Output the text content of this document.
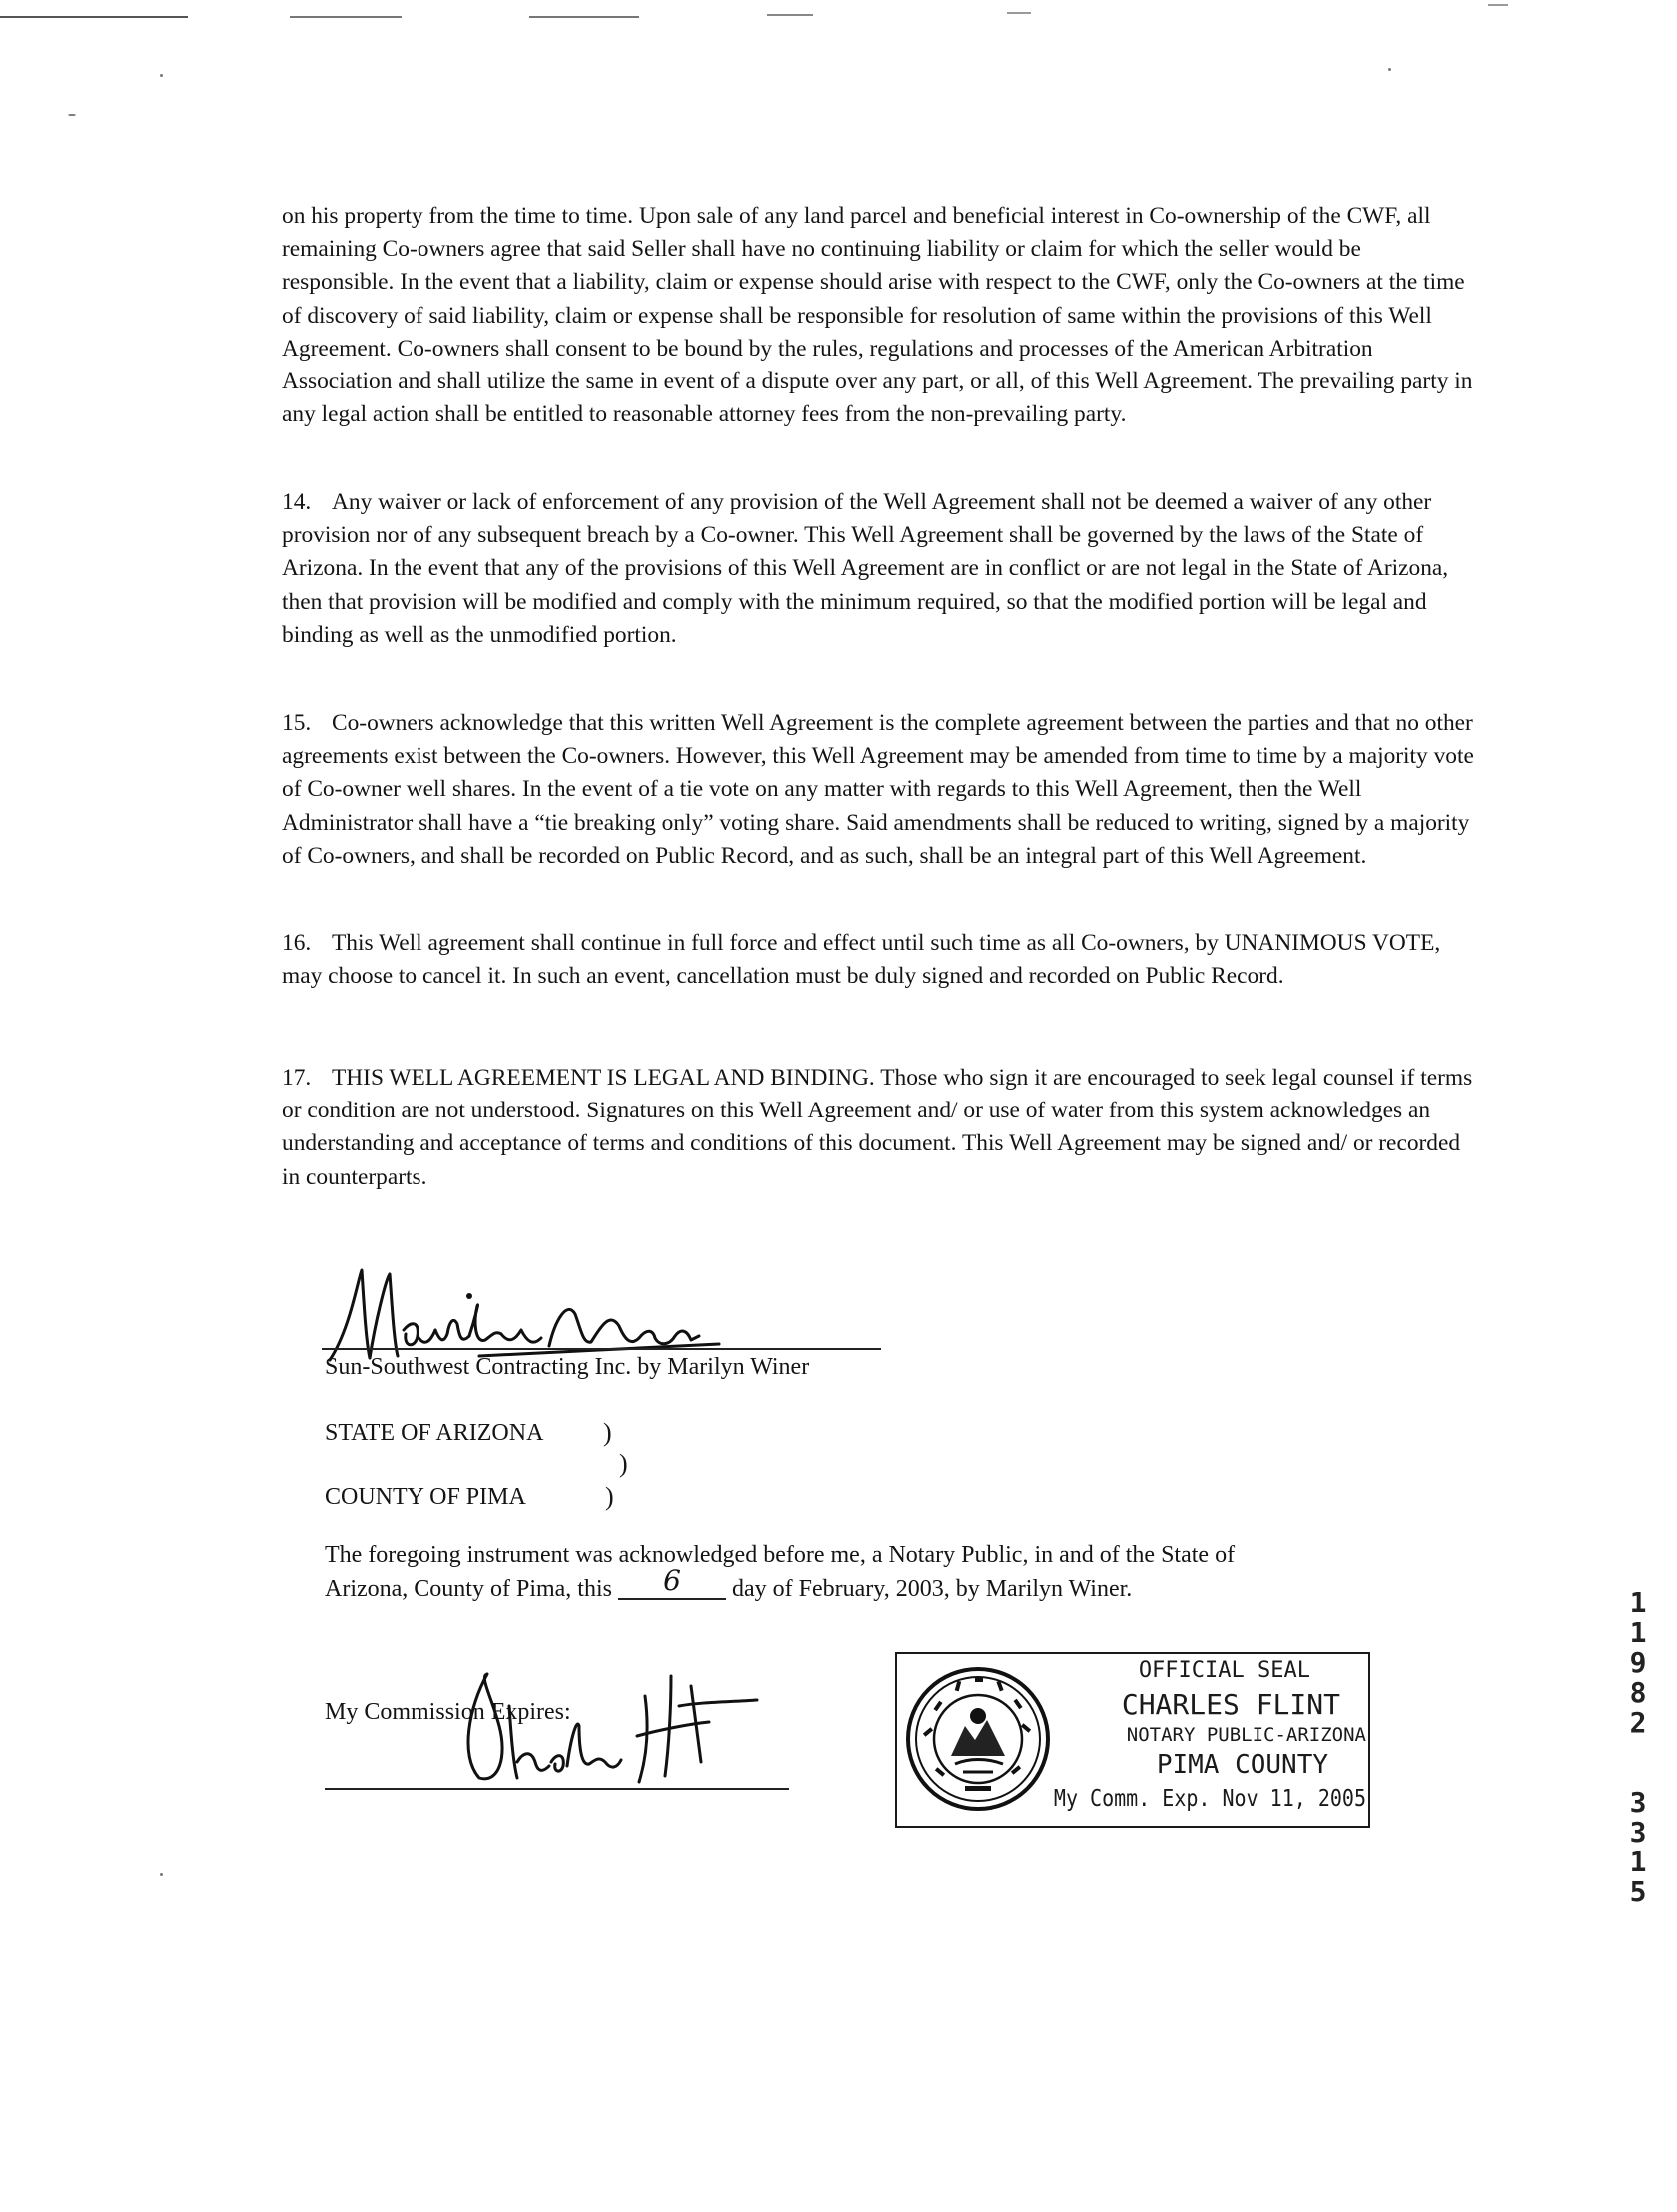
on his property from the time to time. Upon sale of any land parcel and beneficial interest in Co-ownership of the CWF, all remaining Co-owners agree that said Seller shall have no continuing liability or claim for which the seller would be responsible. In the event that a liability, claim or expense should arise with respect to the CWF, only the Co-owners at the time of discovery of said liability, claim or expense shall be responsible for resolution of same within the provisions of this Well Agreement. Co-owners shall consent to be bound by the rules, regulations and processes of the American Arbitration Association and shall utilize the same in event of a dispute over any part, or all, of this Well Agreement. The prevailing party in any legal action shall be entitled to reasonable attorney fees from the non-prevailing party.

14. Any waiver or lack of enforcement of any provision of the Well Agreement shall not be deemed a waiver of any other provision nor of any subsequent breach by a Co-owner. This Well Agreement shall be governed by the laws of the State of Arizona. In the event that any of the provisions of this Well Agreement are in conflict or are not legal in the State of Arizona, then that provision will be modified and comply with the minimum required, so that the modified portion will be legal and binding as well as the unmodified portion.

15. Co-owners acknowledge that this written Well Agreement is the complete agreement between the parties and that no other agreements exist between the Co-owners. However, this Well Agreement may be amended from time to time by a majority vote of Co-owner well shares. In the event of a tie vote on any matter with regards to this Well Agreement, then the Well Administrator shall have a “tie breaking only” voting share. Said amendments shall be reduced to writing, signed by a majority of Co-owners, and shall be recorded on Public Record, and as such, shall be an integral part of this Well Agreement.

16. This Well agreement shall continue in full force and effect until such time as all Co-owners, by UNANIMOUS VOTE, may choose to cancel it. In such an event, cancellation must be duly signed and recorded on Public Record.

17. THIS WELL AGREEMENT IS LEGAL AND BINDING. Those who sign it are encouraged to seek legal counsel if terms or condition are not understood. Signatures on this Well Agreement and/ or use of water from this system acknowledges an understanding and acceptance of terms and conditions of this document. This Well Agreement may be signed and/ or recorded in counterparts.

Sun-Southwest Contracting Inc. by Marilyn Winer
STATE OF ARIZONA )
)
COUNTY OF PIMA	)
The foregoing instrument was acknowledged before me, a Notary Public, in and of the State of
Arizona, County of Pima, this 6 day of February, 2003, by Marilyn Winer.
My Commission Expires:
OFFICIAL SEAL
CHARLES FLINT
NOTARY PUBLIC-ARIZONA
PIMA COUNTY
My Comm. Exp. Nov 11, 2005
1
1
9
8
2
3
3
1
5
